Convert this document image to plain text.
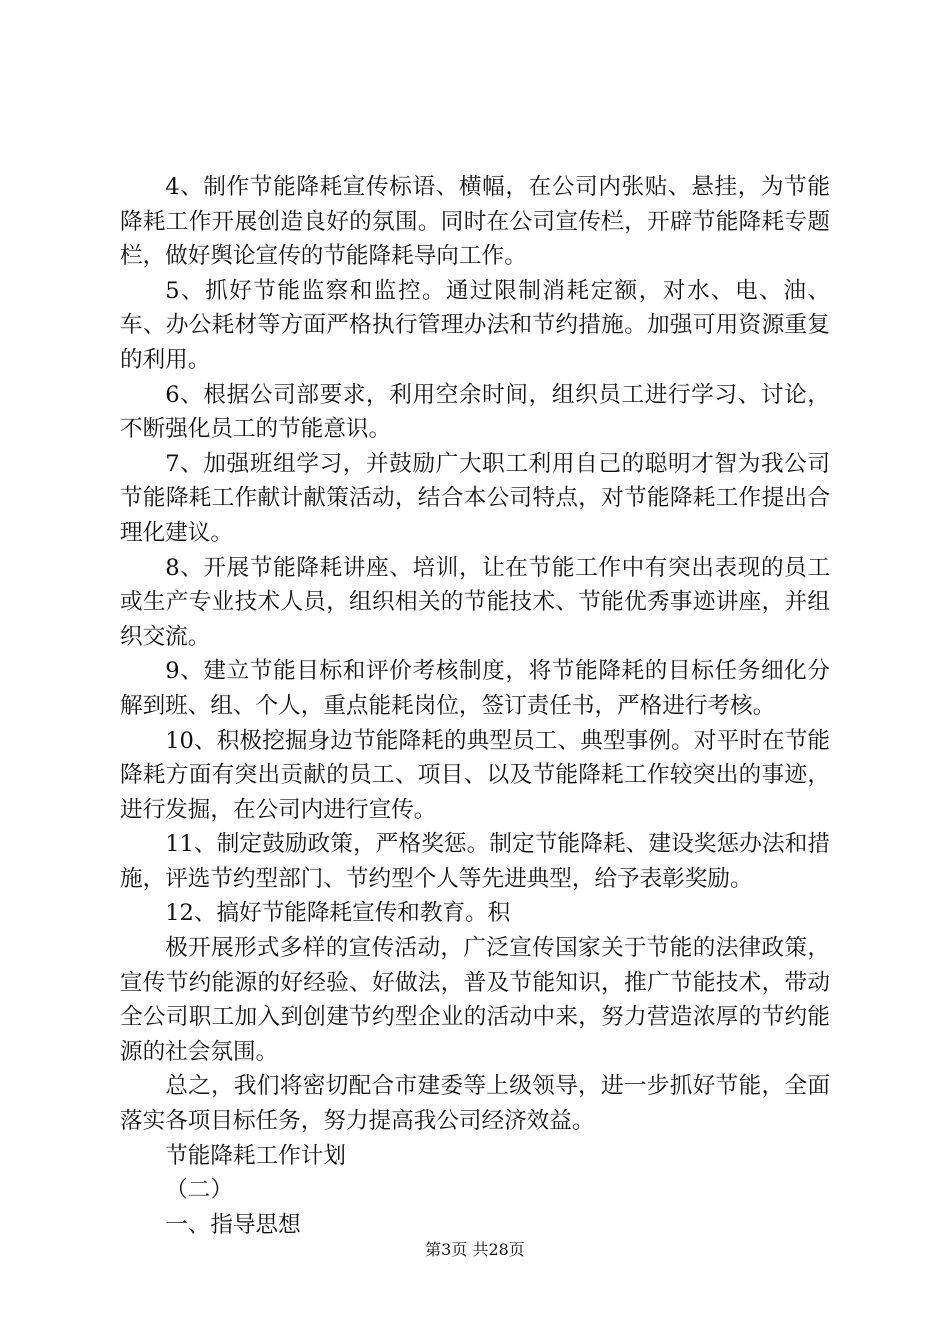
4、制作节能降耗宣传标语、横幅，在公司内张贴、悬挂，为节能降耗工作开展创造良好的氛围。同时在公司宣传栏，开辟节能降耗专题栏，做好舆论宣传的节能降耗导向工作。

5、抓好节能监察和监控。通过限制消耗定额，对水、电、油、车、办公耗材等方面严格执行管理办法和节约措施。加强可用资源重复的利用。

6、根据公司部要求，利用空余时间，组织员工进行学习、讨论，不断强化员工的节能意识。

7、加强班组学习，并鼓励广大职工利用自己的聪明才智为我公司节能降耗工作献计献策活动，结合本公司特点，对节能降耗工作提出合理化建议。

8、开展节能降耗讲座、培训，让在节能工作中有突出表现的员工或生产专业技术人员，组织相关的节能技术、节能优秀事迹讲座，并组织交流。

9、建立节能目标和评价考核制度，将节能降耗的目标任务细化分解到班、组、个人，重点能耗岗位，签订责任书，严格进行考核。

10、积极挖掘身边节能降耗的典型员工、典型事例。对平时在节能降耗方面有突出贡献的员工、项目、以及节能降耗工作较突出的事迹，进行发掘，在公司内进行宣传。

11、制定鼓励政策，严格奖惩。制定节能降耗、建设奖惩办法和措施，评选节约型部门、节约型个人等先进典型，给予表彰奖励。

12、搞好节能降耗宣传和教育。积

极开展形式多样的宣传活动，广泛宣传国家关于节能的法律政策，宣传节约能源的好经验、好做法，普及节能知识，推广节能技术，带动全公司职工加入到创建节约型企业的活动中来，努力营造浓厚的节约能源的社会氛围。

总之，我们将密切配合市建委等上级领导，进一步抓好节能，全面落实各项目标任务，努力提高我公司经济效益。

节能降耗工作计划

（二）

一、指导思想

第3页 共28页
